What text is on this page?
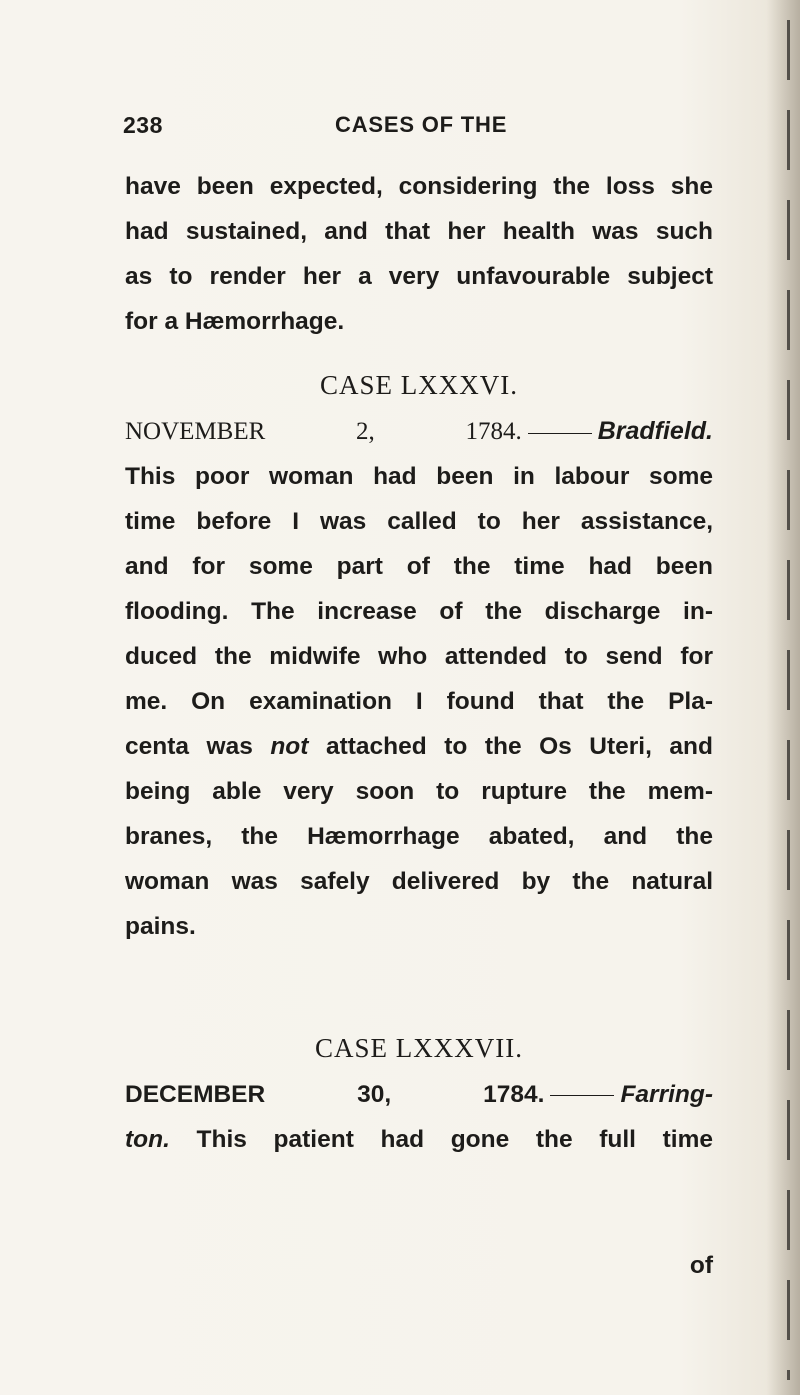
238	CASES OF THE
have been expected, considering the loss she
had sustained, and that her health was such
as to render her a very unfavourable subject
for a Hæmorrhage.
CASE LXXXVI.
NOVEMBER 2, 1784.	Bradfield.
This poor woman had been in labour some
time before I was called to her assistance,
and for some part of the time had been
flooding. The increase of the discharge in-
duced the midwife who attended to send for
me. On examination I found that the Pla-
centa was not attached to the Os Uteri, and
being able very soon to rupture the mem-
branes, the Hæmorrhage abated, and the
woman was safely delivered by the natural
pains.
CASE LXXXVII.
DECEMBER 30, 1784.	Farring-
ton. This patient had gone the full time
of
